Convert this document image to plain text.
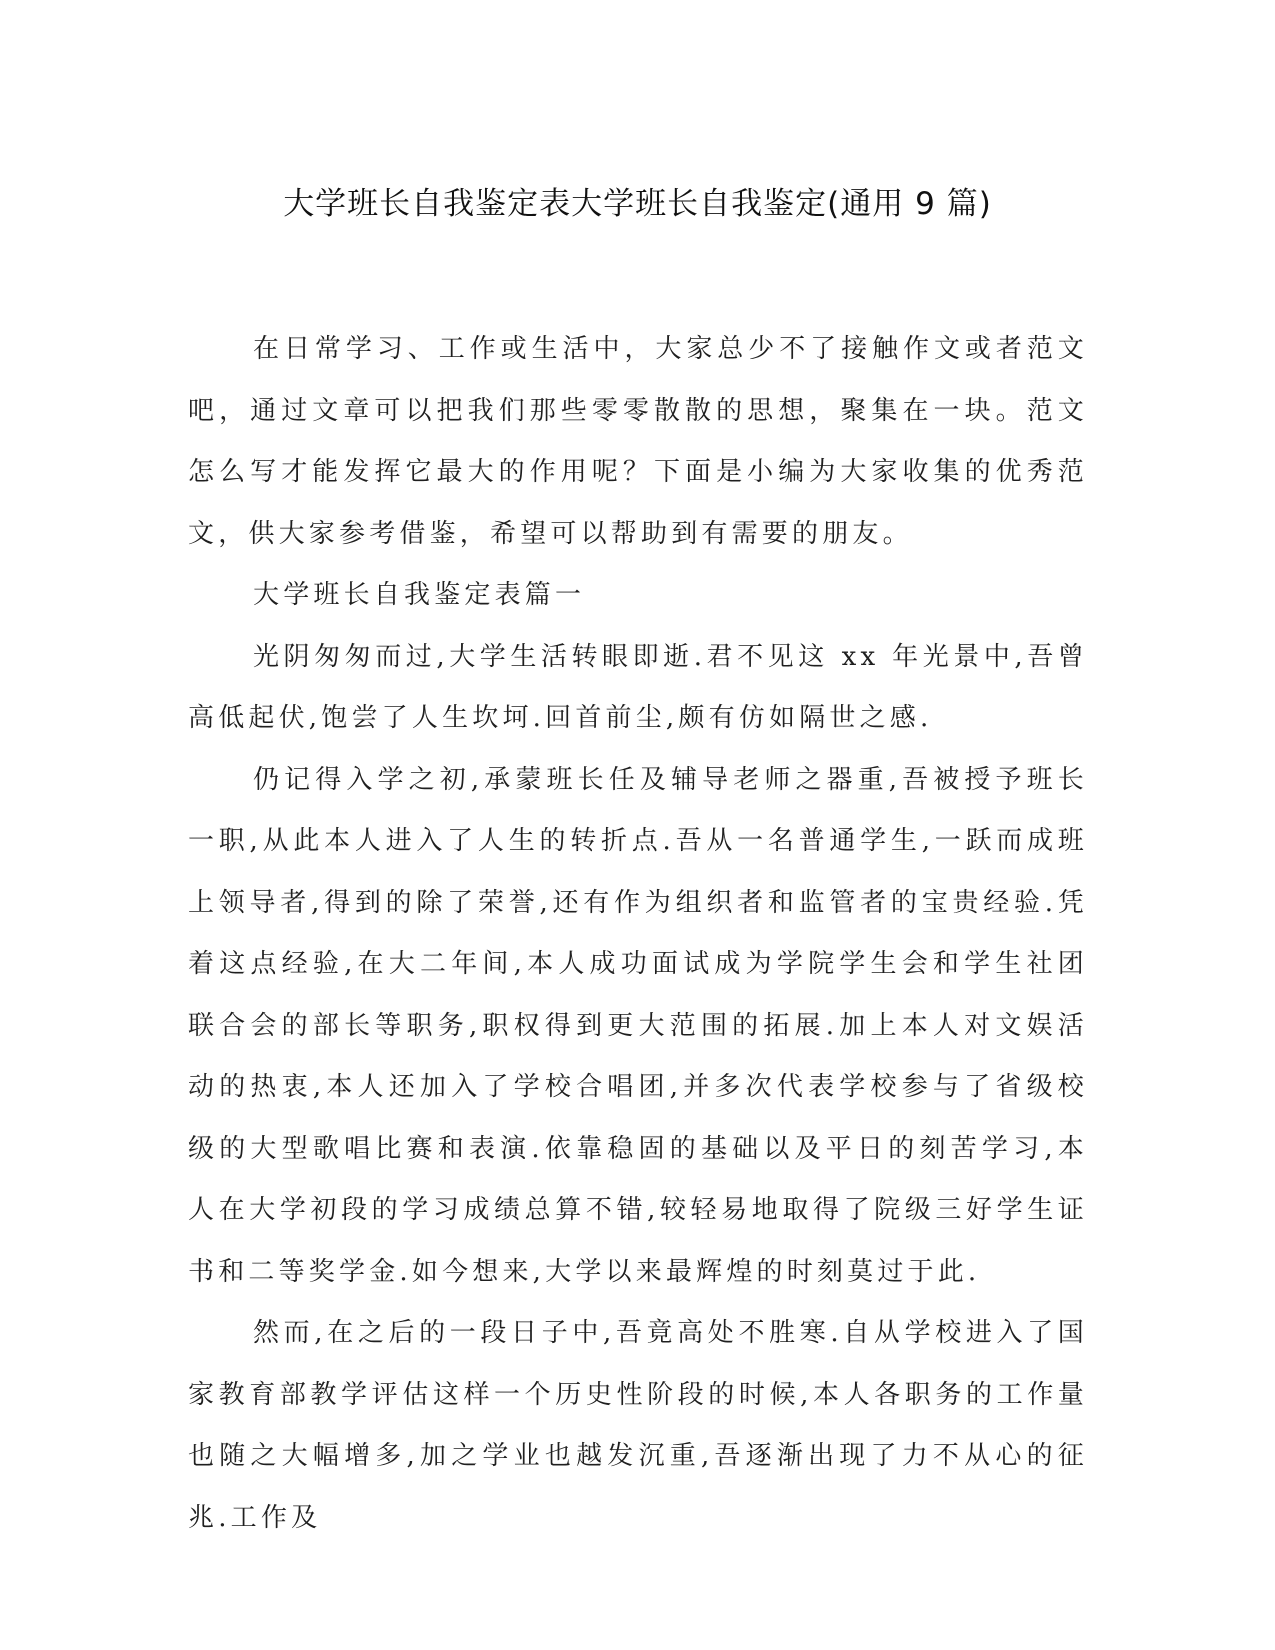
大学班长自我鉴定表大学班长自我鉴定(通用 9 篇)

在日常学习、工作或生活中，大家总少不了接触作文或者范文吧，通过文章可以把我们那些零零散散的思想，聚集在一块。范文怎么写才能发挥它最大的作用呢？下面是小编为大家收集的优秀范文，供大家参考借鉴，希望可以帮助到有需要的朋友。

大学班长自我鉴定表篇一

光阴匆匆而过,大学生活转眼即逝.君不见这 xx 年光景中,吾曾高低起伏,饱尝了人生坎坷.回首前尘,颇有仿如隔世之感.

仍记得入学之初,承蒙班长任及辅导老师之器重,吾被授予班长一职,从此本人进入了人生的转折点.吾从一名普通学生,一跃而成班上领导者,得到的除了荣誉,还有作为组织者和监管者的宝贵经验.凭着这点经验,在大二年间,本人成功面试成为学院学生会和学生社团联合会的部长等职务,职权得到更大范围的拓展.加上本人对文娱活动的热衷,本人还加入了学校合唱团,并多次代表学校参与了省级校级的大型歌唱比赛和表演.依靠稳固的基础以及平日的刻苦学习,本人在大学初段的学习成绩总算不错,较轻易地取得了院级三好学生证书和二等奖学金.如今想来,大学以来最辉煌的时刻莫过于此.

然而,在之后的一段日子中,吾竟高处不胜寒.自从学校进入了国家教育部教学评估这样一个历史性阶段的时候,本人各职务的工作量也随之大幅增多,加之学业也越发沉重,吾逐渐出现了力不从心的征兆.工作及
